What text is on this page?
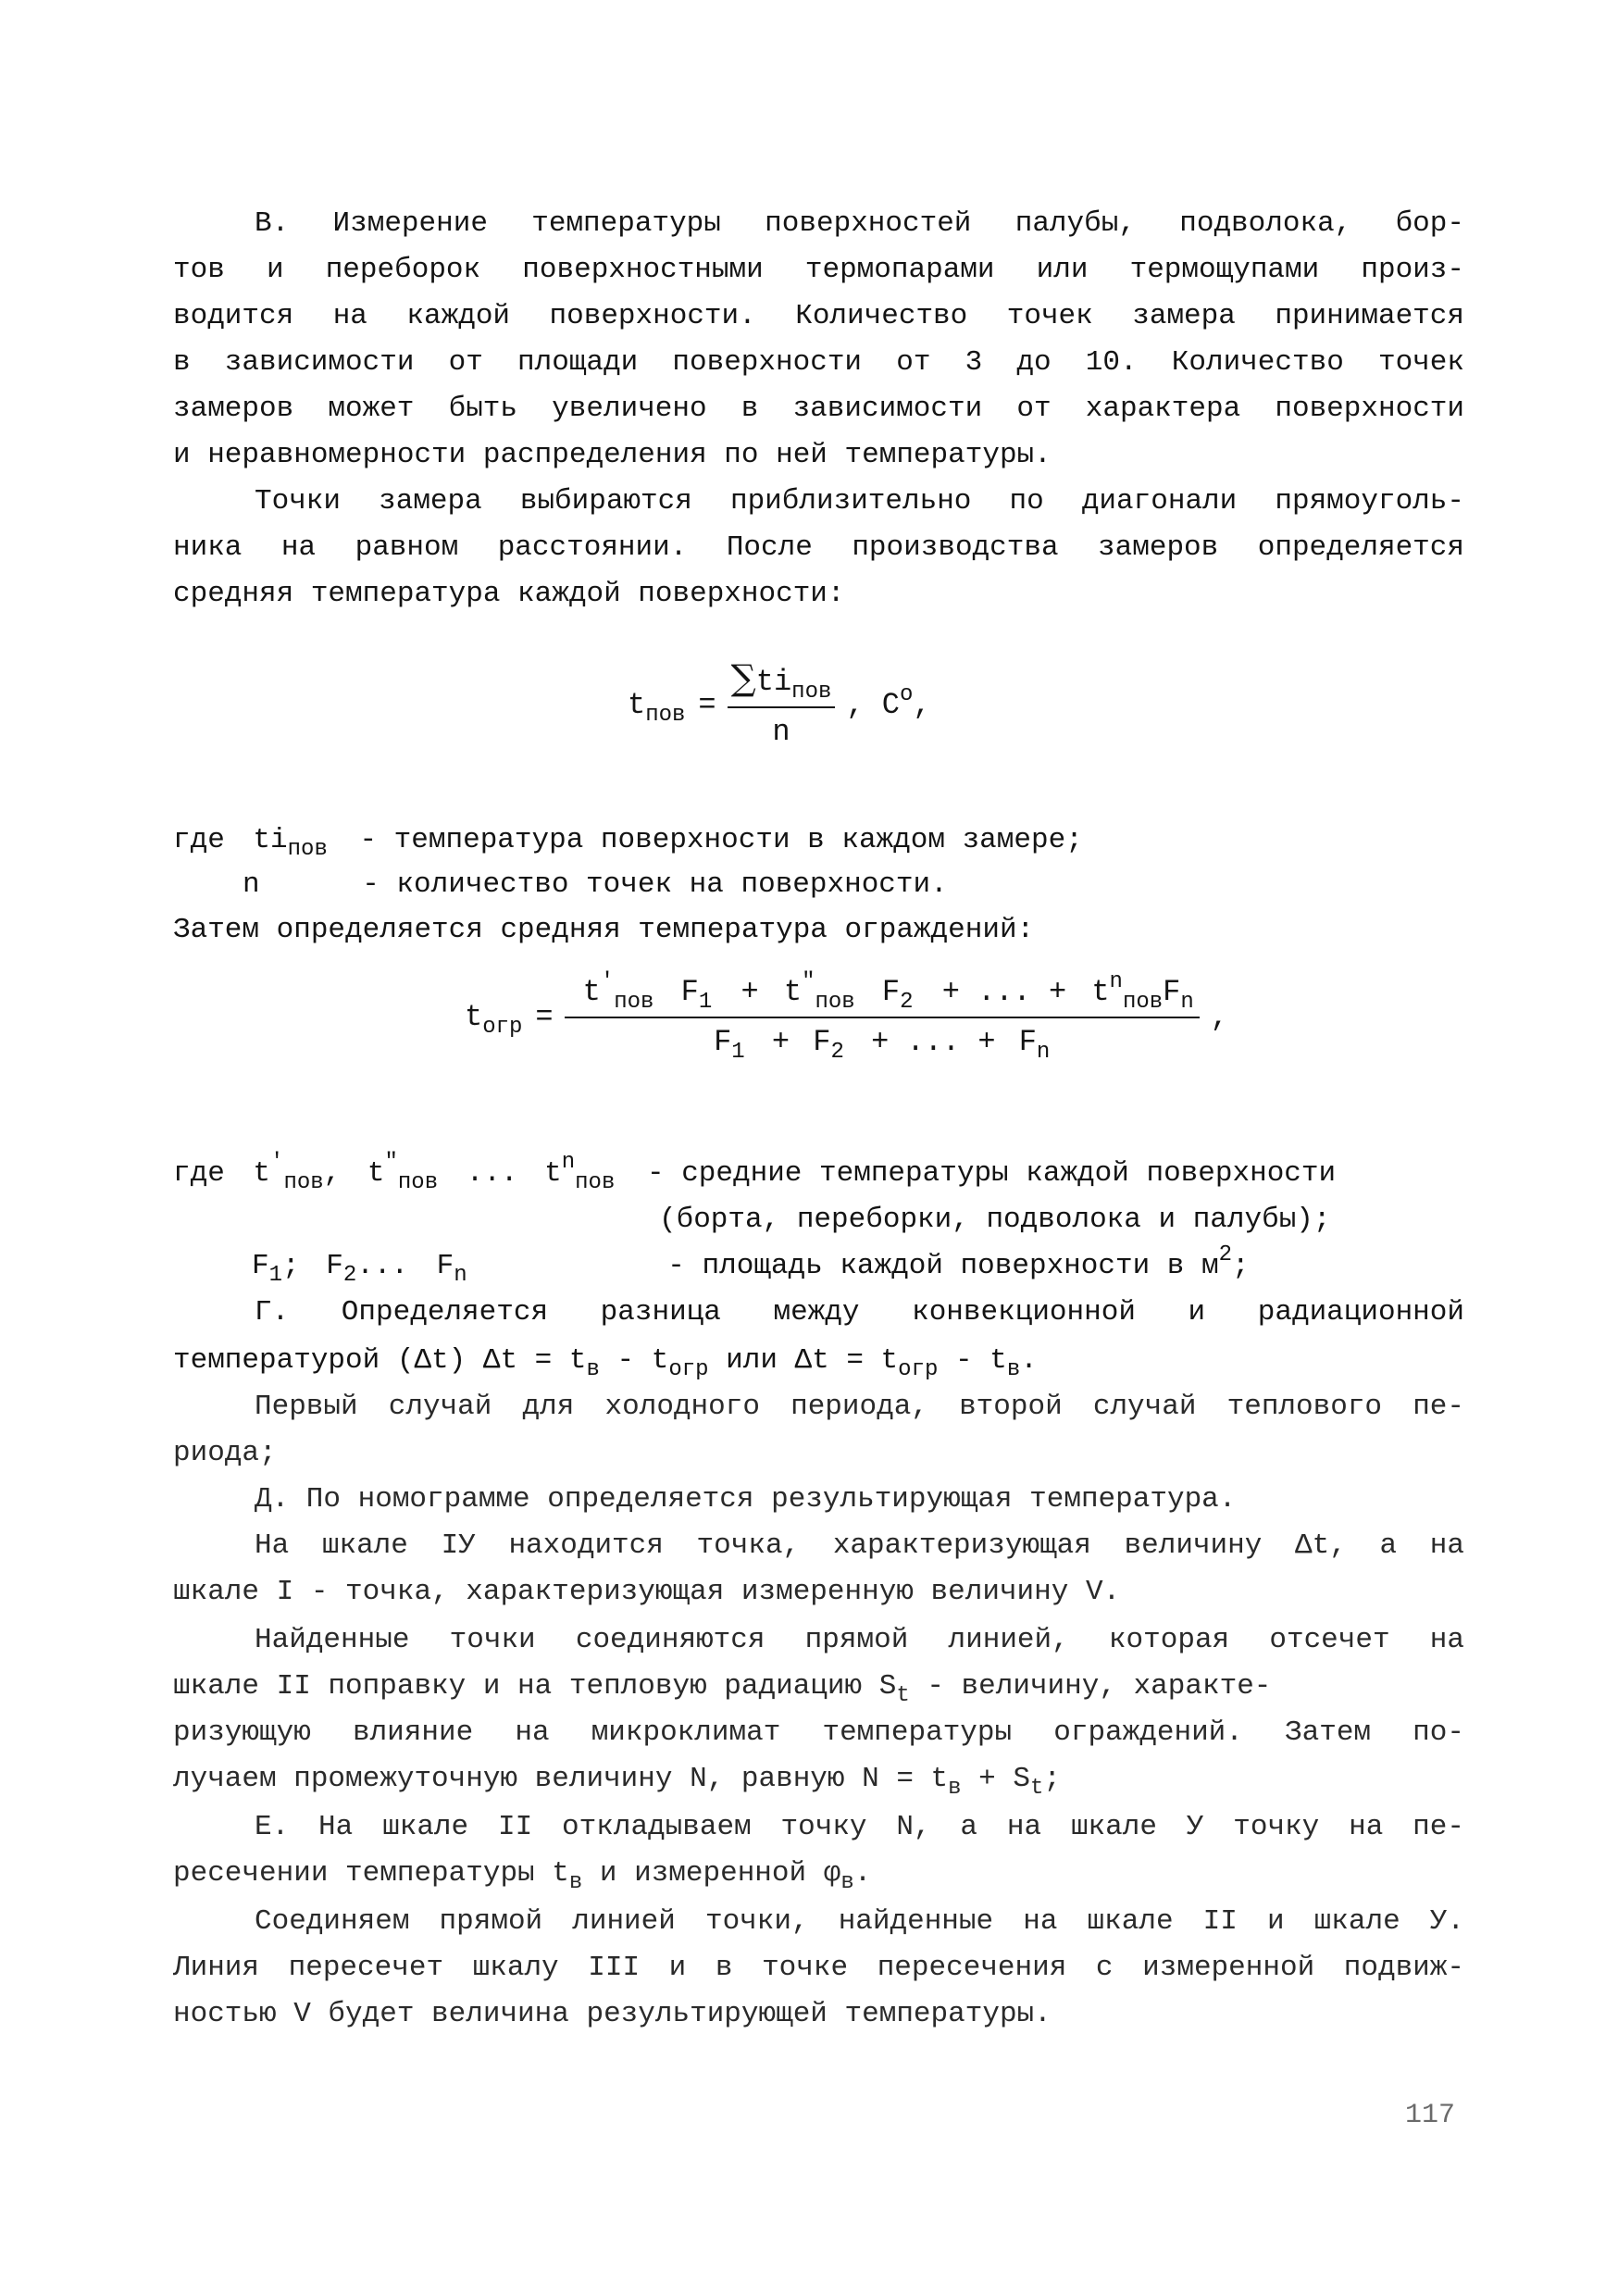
В. Измерение температуры поверхностей палубы, подволока, бор-
тов и переборок поверхностными термопарами или термощупами произ-
водится на каждой поверхности. Количество точек замера принимается
в зависимости от площади поверхности от 3 до 10. Количество точек
замеров может быть увеличено в зависимости от характера поверхности
и неравномерности распределения по ней температуры.
Точки замера выбираются приблизительно по диагонали прямоуголь-
ника на равном расстоянии. После производства замеров определяется
средняя температура каждой поверхности:
$t_{пов} = \frac{\sum ti_{пов}}{n}$ , $С^о$,
где $ti_{пов}$ - температура поверхности в каждом замере;
n	- количество точек на поверхности.
Затем определяется средняя температура ограждений:
$t_{огр}$ =
$t'_{пов}$ $F_1 + t^"_{пов}$ $F_2$ + ... + $t^n_{пов}F_n$
$F_1 + F_2$ + ... + $F_n$
,
где $t'_{пов}$, $t^"_{пов}$ ... $t^n_{пов}$ - средние температуры каждой поверхности
(борта, переборки, подволока и палубы);
$F_1$; $F_2$... $F_n$	- площадь каждой поверхности в $м^2$;
Г. Определяется разница между конвекционной и радиационной
температурой (Δt) $\Delta t = t_в - t_{огр}$ или $\Delta t = t_{огр} - t_в$.
Первый случай для холодного периода, второй случай теплового пе-
риода;
Д. По номограмме определяется результирующая температура.
На шкале IУ находится точка, характеризующая величину Δt, а на
шкале I - точка, характеризующая измеренную величину V.
Найденные точки соединяются прямой линией, которая отсечет на
шкале II поправку и на тепловую радиацию $S_t$ - величину, характе-
ризующую влияние на микроклимат температуры ограждений. Затем по-
лучаем промежуточную величину N, равную $N = t_в + S_t$;
Е. На шкале II откладываем точку N, а на шкале У точку на пе-
ресечении температуры $t_в$ и измеренной $\varphi_в$.
Соединяем прямой линией точки, найденные на шкале II и шкале У.
Линия пересечет шкалу III и в точке пересечения с измеренной подвиж-
ностью V будет величина результирующей температуры.
117
